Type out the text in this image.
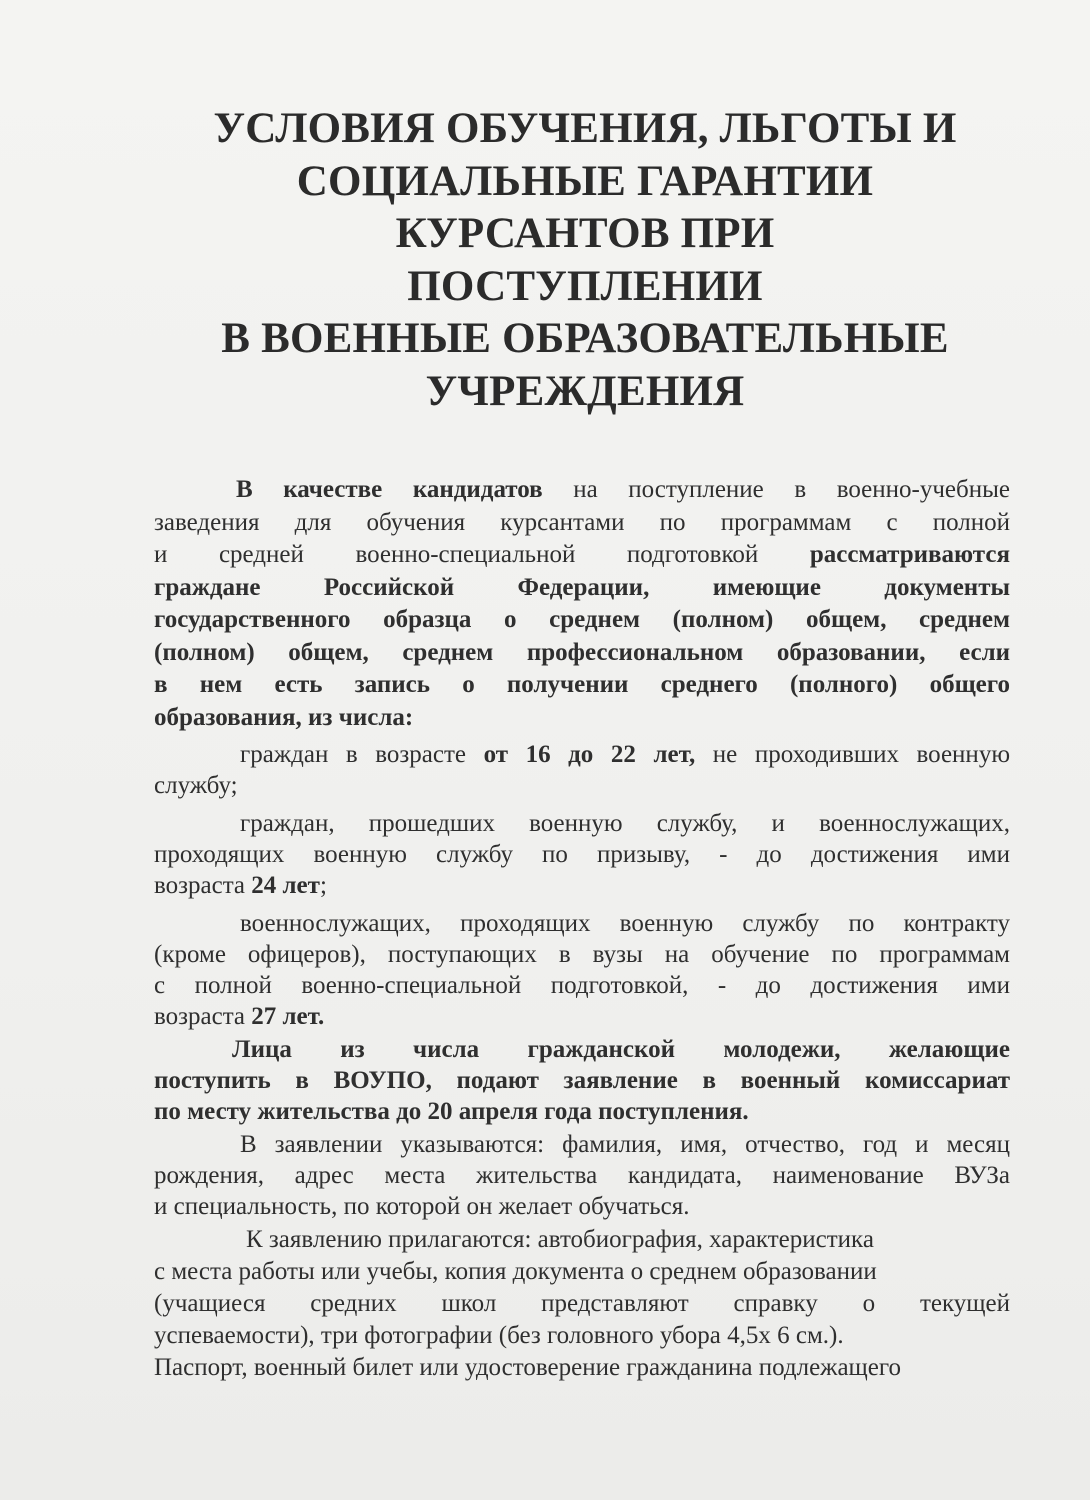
УСЛОВИЯ ОБУЧЕНИЯ, ЛЬГОТЫ И
СОЦИАЛЬНЫЕ ГАРАНТИИ
КУРСАНТОВ ПРИ
ПОСТУПЛЕНИИ
В ВОЕННЫЕ ОБРАЗОВАТЕЛЬНЫЕ
УЧРЕЖДЕНИЯ
В качестве кандидатов на поступление в военно-учебные
заведения для обучения курсантами по программам с полной
и средней военно-специальной подготовкой рассматриваются
граждане Российской Федерации, имеющие документы
государственного образца о среднем (полном) общем, среднем
(полном) общем, среднем профессиональном образовании, если
в нем есть запись о получении среднего (полного) общего
образования, из числа:
граждан в возрасте от 16 до 22 лет, не проходивших военную
службу;
граждан, прошедших военную службу, и военнослужащих,
проходящих военную службу по призыву, - до достижения ими
возраста 24 лет;
военнослужащих, проходящих военную службу по контракту
(кроме офицеров), поступающих в вузы на обучение по программам
с полной военно-специальной подготовкой, - до достижения ими
возраста 27 лет.
Лица из числа гражданской молодежи, желающие
поступить в ВОУПО, подают заявление в военный комиссариат
по месту жительства до 20 апреля года поступления.
В заявлении указываются: фамилия, имя, отчество, год и месяц
рождения, адрес места жительства кандидата, наименование ВУЗа
и специальность, по которой он желает обучаться.
К заявлению прилагаются: автобиография, характеристика
с места работы или учебы, копия документа о среднем образовании
(учащиеся средних школ представляют справку о текущей
успеваемости), три фотографии (без головного убора 4,5х 6 см.).
Паспорт, военный билет или удостоверение гражданина подлежащего
